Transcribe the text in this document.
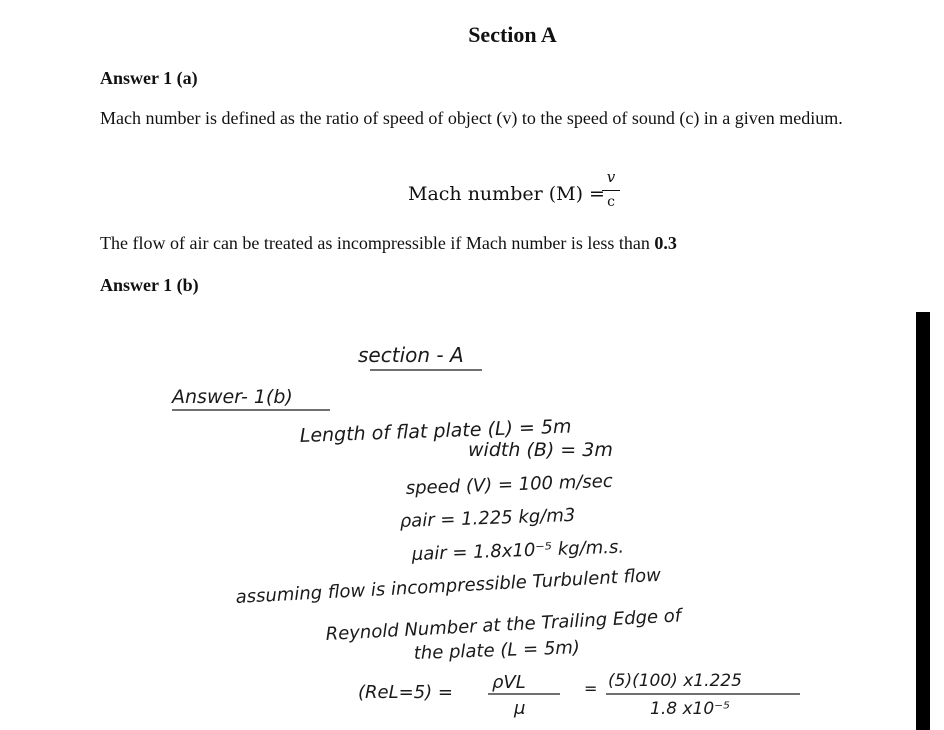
Section A
Answer 1 (a)
Mach number is defined as the ratio of speed of object (v) to the speed of sound (c) in a given medium.
Mach number (M) =
v
c
The flow of air can be treated as incompressible if Mach number is less than 0.3
Answer 1 (b)
section - A
Answer- 1(b)
Length of flat plate (L) = 5m
width (B) = 3m
speed (V) = 100 m/sec
ρair = 1.225 kg/m3
μair = 1.8x10⁻⁵ kg/m.s.
assuming flow is incompressible Turbulent flow
Reynold Number at the Trailing Edge of
the plate (L = 5m)
(ReL=5) = ρVL
μ
= (5)(100) x1.225
1.8 x10⁻⁵
